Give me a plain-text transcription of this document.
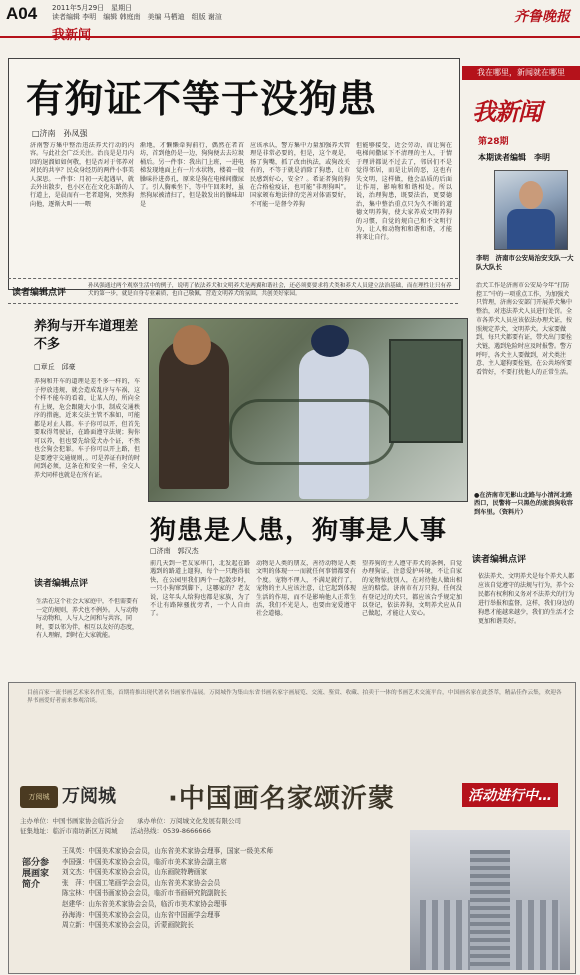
A04 2011年5月29日　星期日
读者编辑 李明　编辑 韩庭南　美编 马栖迪　组版 谢渲
我新闻
齐鲁晚报
有狗证不等于没狗患
□济南　孙凤强
济南警方集中整治违法养犬行动的内容。与此社会广泛关注。治良是是月内因的退溜如如何敬，但是否对于邻养对对民的共享？民众身经历的两件小事美人深思。一件事：月初一天起遇早，就去外出散步，也小区在在文化东路的人行道上，是晨而有一老者遛狗，突然狗向他，逐渐大叫一一喂
渐地，才懒懒牵狗前行，偶然在者首坊，首到他仍是一边，狗狗便去去垃圾桶后。另一件事：我出门上班，一进电梯发现地面上有一片水状物，楼着一股臊味扑进鼻孔，原来是狗在电梯间撒尿了。引人胸乘坐下，等中午回来时，虽然狗尿被清扫了，但是散发出的臊味却是
应该承认，警方集中力量加强养犬管理是非常必要的，但是，这个观是，扬了狗嘴，抓了改由执法，或狗改关有的，不等于就是消除了狗患，让市民感到好心，安全？。希证者狗的狗在合格检疫证，也可能“非理狗叫”。国家颁布地法律的完善对体需要好，不可能一是督令养狗
但能够接受，近会劳动，而让狗在电梯间撒尿下不清理的主人，于情于理讲都说不过去了，邻居们不是觉得邻居，而是让居的恶，这也有失文明，这样做，他会品质的后面让作用，影响和和谐相处。所以说，治理狗患，既要法治，更要德治，集中整治重点只为久不断的道德文明养狗，使大家养成文明养狗的习惯，自觉的规自己和不文明行为，让人和动物和和谐和谐，才能将来让自行。
读者编辑点评
孙凤强通过两个观察生活中的例子，说明了依法养犬和文明养犬是两翼和谐社会，还必须要要求将犬类和养犬人员建立法治基础，而在理性让只有养犬的第一步，就是自身专业素质，也自己敬佩，营造文明养犬的氛围，共创美好家园。
我在哪里，新闻就在哪里
我新闻
第28期
本期读者编辑　李明
李明　济南市公安局治安支队一大队大队长
治犬工作是济南市公安局今年“打防控工”中的一项重点工作，为加强犬只管理，济南公安部门开展养犬集中整治，对违法养犬人员进行处罚。全市各养犬人员应该依法办理犬证，按照规定养犬，文明养犬。大家要做到，每只犬都要有证，带犬出门要拴犬链，遇到危险时应及时报警。警方呼吁，各犬主人要做到，对犬类注意、主人遛狗要拴链，在公共场所要看管好，不要打扰他人的正常生活。
●在济南市无影山北路与小清河北路西口，民警将一只黑色的流浪狗收容到车里。（资料片）
读者编辑点评
依法养犬、文明养犬是每个养犬人都应该自觉遵守的法规与行为，养个公民都有权利和义务对不法养犬的行为进行举报和监督，这样，我们身边的狗患才能越来越少，我们的生活才会更加和谐美好。
养狗与开车道理差不多
□章丘　邱豪
养狗和开车的道理是差不多一样的，车子停放违规，就会造成乱序与车祸，这个样不能车的看着，让某人的，所向全有上规，危会跟随大小事，制成交通秩序的措施，近来交法主管不准如，可能都是对止人都。车子你可以开，但首先要取得驾驶证，在路面遵守法规；狗你可以养，但也要先给爱犬办个证，不然也会狗会犯罪。车子你可以开上路，但是要遵守交通规则，。可是养证有时的时间到必须，这条在和安全一样，全交人养犬同样也就是在所有证。
读者编辑点评
生活在这个社会大家庭中，不但需要有一定的规则，养犬也不例外。人与动物与动物和，人与人之间和与共容，同时，要以邻为伴，相互以友好的态度，有人理解，到时在大家就能。
狗患是人患，狗事是人事
□济南　郭汉杰
前几天到一老友家串门，北发起在路遇到的路道上遛狗，每个一只跑得很快，在公园里我们两个一起散步时，一只小狗窜到脚下，这哪家的？老友说，这年头人给狗也都是家族，为了不让有路障骚扰旁者，一个人自由了。
动物是人类的朋友，善待动物是人类文明的体现一一而就任何事情都要有个度。宠物不理人，不满足就行了，宠物的主人应该注意，让它起到体现生活的作用，而不是影响他人正常生活，我们不光是人，也要由宠爱遵守社会道德。
望养狗的主人遵守养犬的条例，自觉办理狗证，注意爱护环境，不让自家的宠物惊扰别人，在对待他人做出相应的赔偿。济南市有万只狗，任何没有登记过的犬只，都应该合乎规定加以登记，依法养狗，文明养犬应从自己做起，才能让人安心。
目前百家一流书画艺术家名作汇集，首期将推出现代著名书画家作品展。万阅城作为集山东省书画名家字画展览、交流、鉴赏、收藏、拍卖于一体的书画艺术交流平台，中国画名家在此荟萃，精品佳作云集，欢迎各界书画爱好者前来参观洽谈。
万阅城 万阅城 ·中国画名家颂沂蒙	活动进行中…
主办单位：中国书画家协会临沂分会　　承办单位：万阅城文化发展有限公司
征集地址：临沂市南坊新区万阅城　　活动热线：0539-8666666
部分参展画家简介
王凤英：中国美术家协会会员，山东省美术家协会理事，国家一级美术师
李国强：中国美术家协会会员，临沂市美术家协会副主席
刘文杰：中国美术家协会会员，山东画院特聘画家
张　萍：中国工笔画学会会员，山东省美术家协会会员
陈宝林：中国书画家协会会员，临沂市书画研究院副院长
赵建华：山东省美术家协会会员，临沂市美术家协会理事
孙海涛：中国美术家协会会员，山东省中国画学会理事
周立新：中国美术家协会会员，沂蒙画院院长
